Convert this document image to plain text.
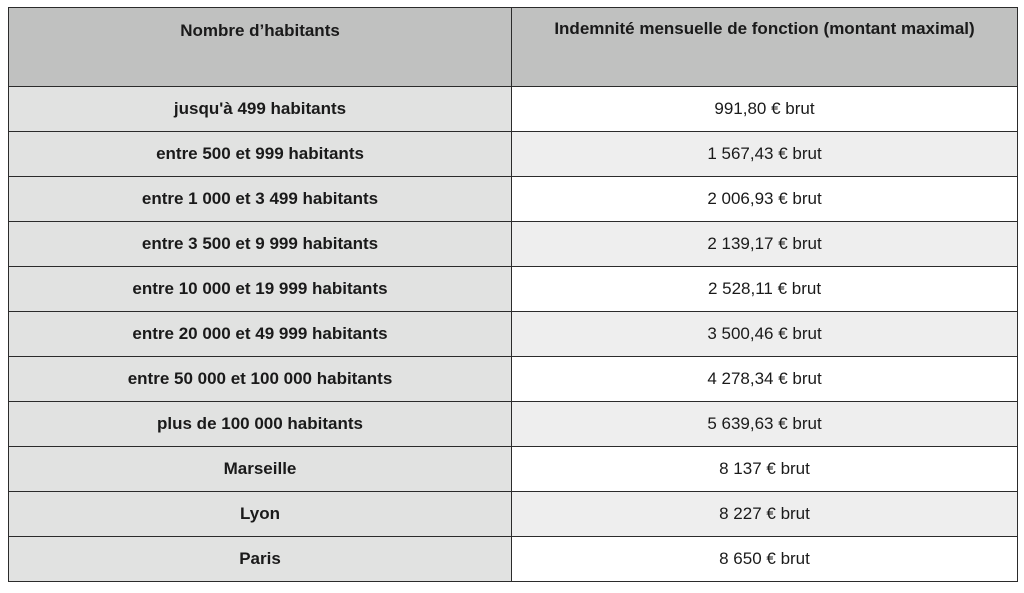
Nombre d’habitants	Indemnité mensuelle de fonction (montant maximal)
jusqu'à 499 habitants	991,80 € brut
entre 500 et 999 habitants	1 567,43 € brut
entre 1 000 et 3 499 habitants	2 006,93 € brut
entre 3 500 et 9 999 habitants	2 139,17 € brut
entre 10 000 et 19 999 habitants	2 528,11 € brut
entre 20 000 et 49 999 habitants	3 500,46 € brut
entre 50 000 et 100 000 habitants	4 278,34 € brut
plus de 100 000 habitants	5 639,63 € brut
Marseille	8 137 € brut
Lyon	8 227 € brut
Paris	8 650 € brut
